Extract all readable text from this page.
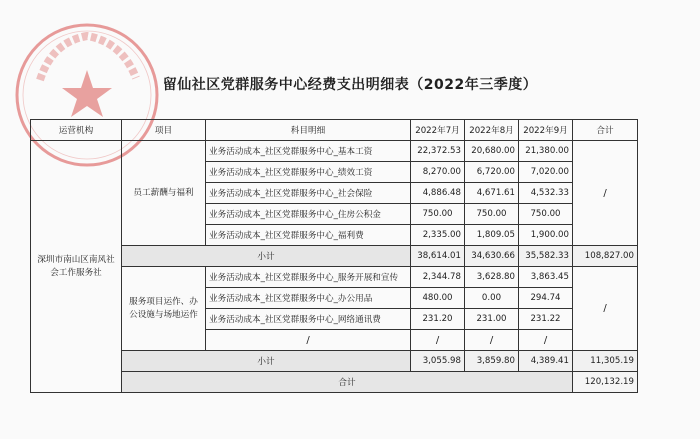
留仙社区党群服务中心经费支出明细表（2022年三季度）
运营机构	项目	科目明细	2022年7月	2022年8月	2022年9月	合计
深圳市南山区南风社会工作服务社	员工薪酬与福利	业务活动成本_社区党群服务中心_基本工资	22,372.53	20,680.00	21,380.00	/
		业务活动成本_社区党群服务中心_绩效工资	8,270.00	6,720.00	7,020.00	
		业务活动成本_社区党群服务中心_社会保险	4,886.48	4,671.61	4,532.33	
		业务活动成本_社区党群服务中心_住房公积金	750.00	750.00	750.00	
		业务活动成本_社区党群服务中心_福利费	2,335.00	1,809.05	1,900.00	
	小计		38,614.01	34,630.66	35,582.33	108,827.00
	服务项目运作、办公设施与场地运作	业务活动成本_社区党群服务中心_服务开展和宣传	2,344.78	3,628.80	3,863.45	/
		业务活动成本_社区党群服务中心_办公用品	480.00	0.00	294.74	
		业务活动成本_社区党群服务中心_网络通讯费	231.20	231.00	231.22	
		/	/	/	/	
	小计		3,055.98	3,859.80	4,389.41	11,305.19
	合计					120,132.19
